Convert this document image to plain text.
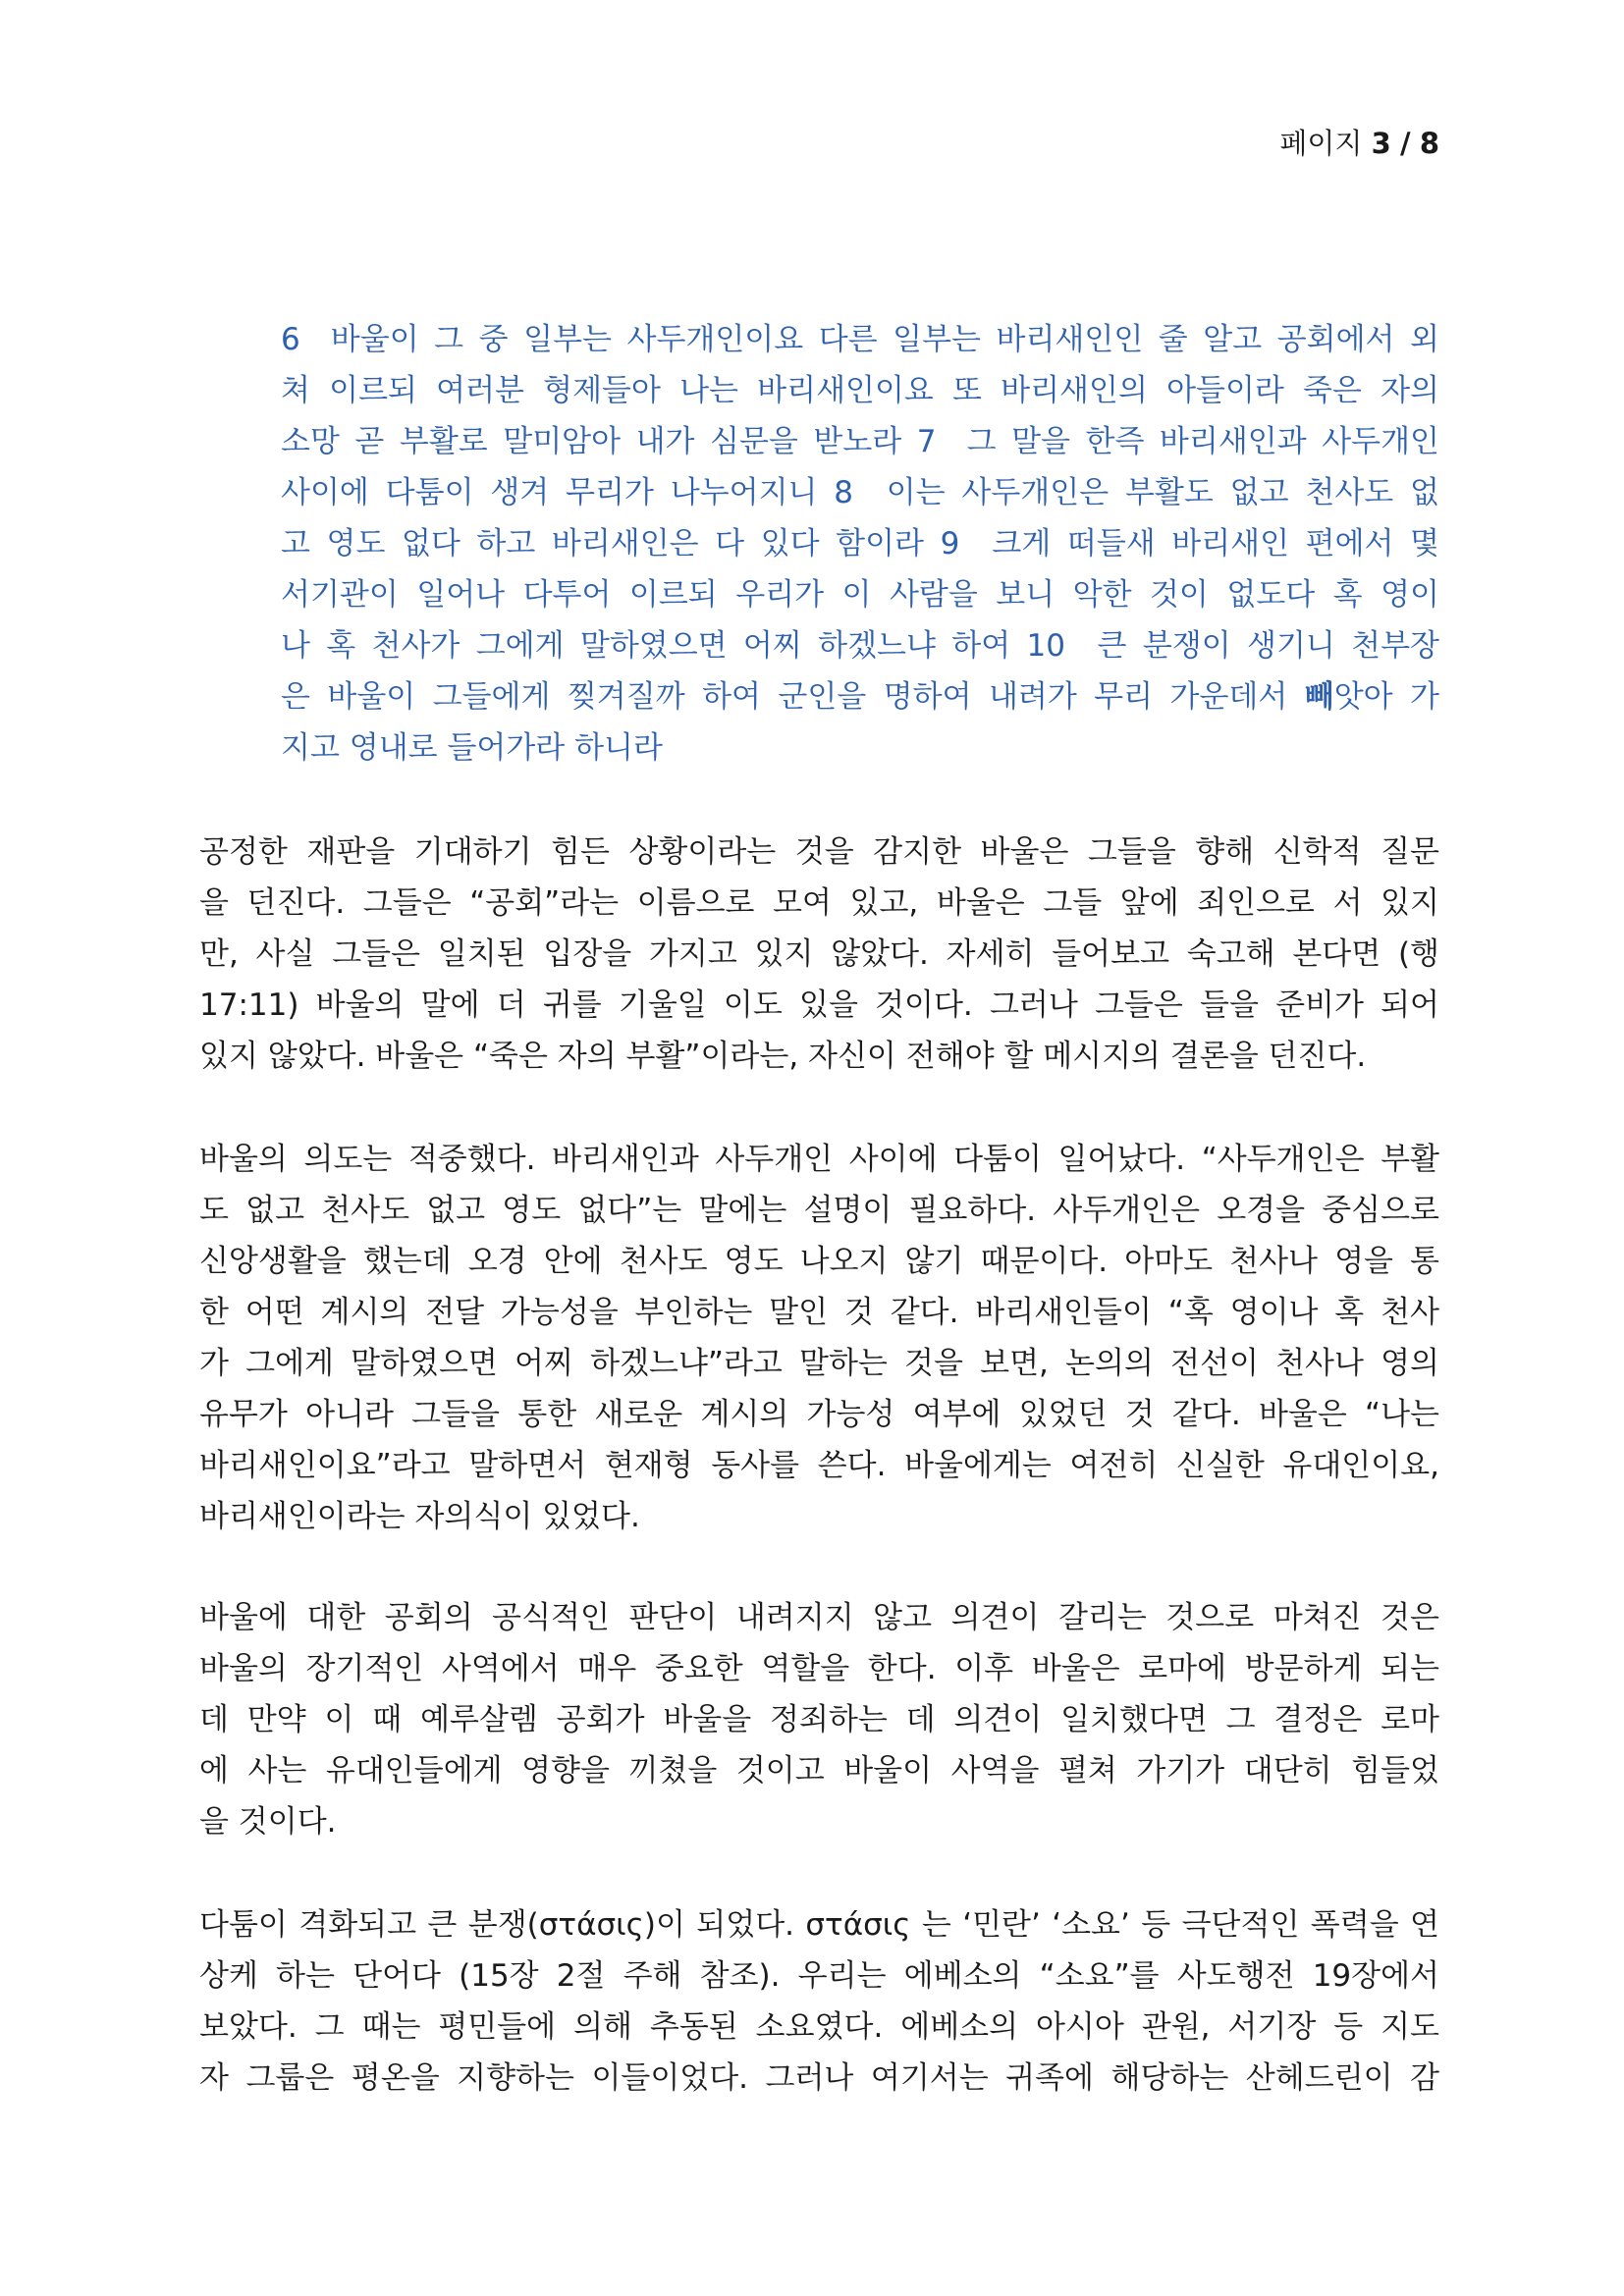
페이지 3 / 8
6  바울이 그 중 일부는 사두개인이요 다른 일부는 바리새인인 줄 알고 공회에서 외
쳐 이르되 여러분 형제들아 나는 바리새인이요 또 바리새인의 아들이라 죽은 자의
소망 곧 부활로 말미암아 내가 심문을 받노라 7  그 말을 한즉 바리새인과 사두개인
사이에 다툼이 생겨 무리가 나누어지니 8  이는 사두개인은 부활도 없고 천사도 없
고 영도 없다 하고 바리새인은 다 있다 함이라 9  크게 떠들새 바리새인 편에서 몇
서기관이 일어나 다투어 이르되 우리가 이 사람을 보니 악한 것이 없도다 혹 영이
나 혹 천사가 그에게 말하였으면 어찌 하겠느냐 하여 10  큰 분쟁이 생기니 천부장
은 바울이 그들에게 찢겨질까 하여 군인을 명하여 내려가 무리 가운데서 빼앗아 가
지고 영내로 들어가라 하니라
공정한 재판을 기대하기 힘든 상황이라는 것을 감지한 바울은 그들을 향해 신학적 질문
을 던진다. 그들은 “공회”라는 이름으로 모여 있고, 바울은 그들 앞에 죄인으로 서 있지
만, 사실 그들은 일치된 입장을 가지고 있지 않았다. 자세히 들어보고 숙고해 본다면 (행
17:11) 바울의 말에 더 귀를 기울일 이도 있을 것이다. 그러나 그들은 들을 준비가 되어
있지 않았다. 바울은 “죽은 자의 부활”이라는, 자신이 전해야 할 메시지의 결론을 던진다.
바울의 의도는 적중했다. 바리새인과 사두개인 사이에 다툼이 일어났다. “사두개인은 부활
도 없고 천사도 없고 영도 없다”는 말에는 설명이 필요하다. 사두개인은 오경을 중심으로
신앙생활을 했는데 오경 안에 천사도 영도 나오지 않기 때문이다. 아마도 천사나 영을 통
한 어떤 계시의 전달 가능성을 부인하는 말인 것 같다. 바리새인들이 “혹 영이나 혹 천사
가 그에게 말하였으면 어찌 하겠느냐”라고 말하는 것을 보면, 논의의 전선이 천사나 영의
유무가 아니라 그들을 통한 새로운 계시의 가능성 여부에 있었던 것 같다. 바울은 “나는
바리새인이요”라고 말하면서 현재형 동사를 쓴다. 바울에게는 여전히 신실한 유대인이요,
바리새인이라는 자의식이 있었다.
바울에 대한 공회의 공식적인 판단이 내려지지 않고 의견이 갈리는 것으로 마쳐진 것은
바울의 장기적인 사역에서 매우 중요한 역할을 한다. 이후 바울은 로마에 방문하게 되는
데 만약 이 때 예루살렘 공회가 바울을 정죄하는 데 의견이 일치했다면 그 결정은 로마
에 사는 유대인들에게 영향을 끼쳤을 것이고 바울이 사역을 펼쳐 가기가 대단히 힘들었
을 것이다.
다툼이 격화되고 큰 분쟁(στάσις)이 되었다. στάσις 는 ‘민란’ ‘소요’ 등 극단적인 폭력을 연
상케 하는 단어다 (15장 2절 주해 참조). 우리는 에베소의 “소요”를 사도행전 19장에서
보았다. 그 때는 평민들에 의해 추동된 소요였다. 에베소의 아시아 관원, 서기장 등 지도
자 그룹은 평온을 지향하는 이들이었다. 그러나 여기서는 귀족에 해당하는 산헤드린이 감
